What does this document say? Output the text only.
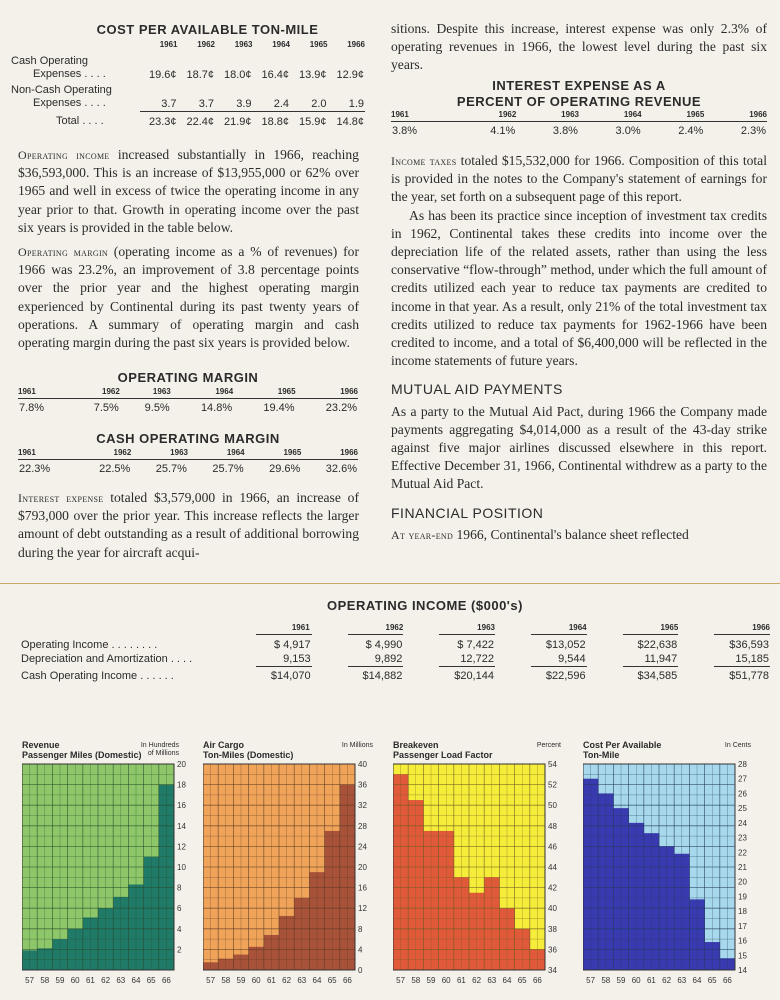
COST PER AVAILABLE TON-MILE
	1961	1962	1963	1964	1965	1966
Cash Operating
Expenses . . . .	19.6¢	18.7¢	18.0¢	16.4¢	13.9¢	12.9¢
Non-Cash Operating
Expenses . . . .	3.7	3.7	3.9	2.4	2.0	1.9
Total . . . .	23.3¢	22.4¢	21.9¢	18.8¢	15.9¢	14.8¢

Operating income increased substantially in 1966, reaching $36,593,000. This is an increase of $13,955,000 or 62% over 1965 and well in excess of twice the operating income in any year prior to that. Growth in operating income over the past six years is provided in the table below.

Operating margin (operating income as a % of revenues) for 1966 was 23.2%, an improvement of 3.8 percentage points over the prior year and the highest operating margin experienced by Continental during its past twenty years of operations. A summary of operating margin and cash operating margin during the past six years is provided below.

OPERATING MARGIN
1961	1962	1963	1964	1965	1966
7.8%	7.5%	9.5%	14.8%	19.4%	23.2%
CASH OPERATING MARGIN
1961	1962	1963	1964	1965	1966
22.3%	22.5%	25.7%	25.7%	29.6%	32.6%

Interest expense totaled $3,579,000 in 1966, an increase of $793,000 over the prior year. This increase reflects the larger amount of debt outstanding as a result of additional borrowing during the year for aircraft acqui-

sitions. Despite this increase, interest expense was only 2.3% of operating revenues in 1966, the lowest level during the past six years.

INTEREST EXPENSE AS A
PERCENT OF OPERATING REVENUE
1961	1962	1963	1964	1965	1966
3.8%	4.1%	3.8%	3.0%	2.4%	2.3%

Income taxes totaled $15,532,000 for 1966. Composition of this total is provided in the notes to the Company's statement of earnings for the year, set forth on a subsequent page of this report.

As has been its practice since inception of investment tax credits in 1962, Continental takes these credits into income over the depreciation life of the related assets, rather than using the less conservative “flow-through” method, under which the full amount of credits utilized each year to reduce tax payments are credited to income in that year. As a result, only 21% of the total investment tax credits utilized to reduce tax payments for 1962-1966 have been credited to income, and a total of $6,400,000 will be reflected in the income statements of future years.

MUTUAL AID PAYMENTS

As a party to the Mutual Aid Pact, during 1966 the Company made payments aggregating $4,014,000 as a result of the 43-day strike against five major airlines discussed elsewhere in this report. Effective December 31, 1966, Continental withdrew as a party to the Mutual Aid Pact.

FINANCIAL POSITION

At year-end 1966, Continental's balance sheet reflected

OPERATING INCOME ($000's)
	1961		1962		1963		1964		1965		1966
Operating Income . . . . . . . .	$ 4,917		$ 4,990		$ 7,422		$13,052		$22,638		$36,593
Depreciation and Amortization . . . .	9,153		9,892		12,722		9,544		11,947		15,185
Cash Operating Income . . . . . .	$14,070		$14,882		$20,144		$22,596		$34,585		$51,778
Revenue
Passenger Miles (Domestic)
In Hundreds
of Millions
2
4
6
8
10
12
14
16
18
20
57 58 59 60 61 62 63 64 65 66
Air Cargo
Ton-Miles (Domestic)
In Millions
0
4
8
12
16
20
24
28
32
36
40
57 58 59 60 61 62 63 64 65 66
Breakeven
Passenger Load Factor
Percent
34
36
38
40
42
44
46
48
50
52
54
57 58 59 60 61 62 63 64 65 66
Cost Per Available
Ton-Mile
In Cents
14
15
16
17
18
19
20
21
22
23
24
25
26
27
28
57 58 59 60 61 62 63 64 65 66
